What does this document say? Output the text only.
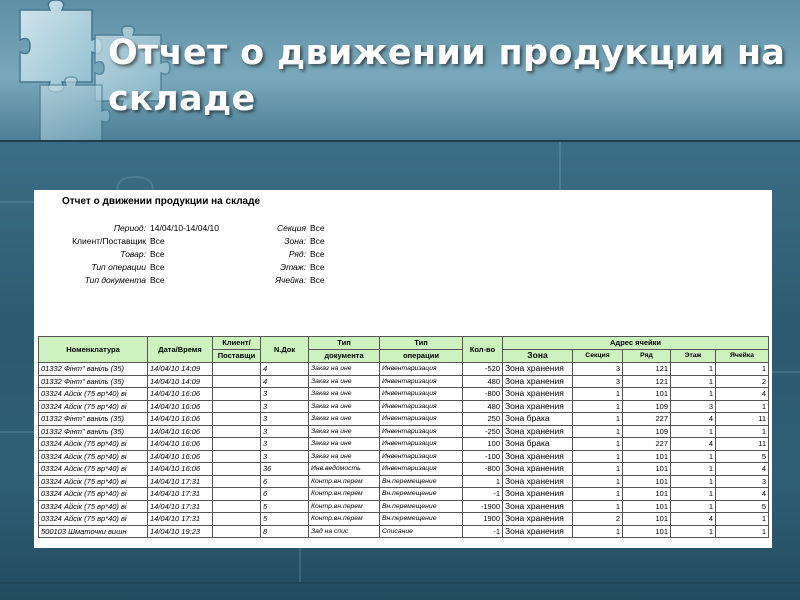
Отчет о движении продукции на складе
Отчет о движении продукции на складе
Период: 14/04/10-14/04/10
Клиент/Поставщик Все
Товар: Все
Тип операции Все
Тип документа Все
Секция Все
Зона: Все
Ряд: Все
Этаж: Все
Ячейка: Все
Номенклатура	Дата/Время	Клиент/	N.Док	Тип	Тип	Кол-во	Адрес ячейки				
		Поставщи		документа	операции		Зона	Секция	Ряд	Этаж	Ячейка
01332 Фінт" ваніль (35)	14/04/10 14:09		4	Заказ на ине	Инвентаризация	-520	Зона хранения	3	121	1	1
01332 Фінт" ваніль (35)	14/04/10 14:09		4	Заказ на ине	Инвентаризация	480	Зона хранения	3	121	1	2
03324 Айсік (75 вр*40) ві	14/04/10 16:06		3	Заказ на ине	Инвентаризация	-800	Зона хранения	1	101	1	4
03324 Айсік (75 вр*40) ві	14/04/10 16:06		3	Заказ на ине	Инвентаризация	480	Зона хранения	1	109	3	1
01332 Фінт" ваніль (35)	14/04/10 16:06		3	Заказ на ине	Инвентаризация	250	Зона брака	1	227	4	11
01332 Фінт" ваніль (35)	14/04/10 16:06		3	Заказ на ине	Инвентаризация	-250	Зона хранения	1	109	1	1
03324 Айсік (75 вр*40) ві	14/04/10 16:06		3	Заказ на ине	Инвентаризация	100	Зона брака	1	227	4	11
03324 Айсік (75 вр*40) ві	14/04/10 16:06		3	Заказ на ине	Инвентаризация	-100	Зона хранения	1	101	1	5
03324 Айсік (75 вр*40) ві	14/04/10 16:06		36	Инв.ведомость	Инвентаризация	-800	Зона хранения	1	101	1	4
03324 Айсік (75 вр*40) ві	14/04/10 17:31		6	Контр.вн.перем	Вн.перемещение	1	Зона хранения	1	101	1	3
03324 Айсік (75 вр*40) ві	14/04/10 17:31		6	Контр.вн.перем	Вн.перемещение	-1	Зона хранения	1	101	1	4
03324 Айсік (75 вр*40) ві	14/04/10 17:31		5	Контр.вн.перем	Вн.перемещение	-1900	Зона хранения	1	101	1	5
03324 Айсік (75 вр*40) ві	14/04/10 17:31		5	Контр.вн.перем	Вн.перемещение	1900	Зона хранения	2	101	4	1
500103 Шматочки вишн	14/04/10 19:23		8	Зад на спис	Списание	-1	Зона хранения	1	101	1	1
